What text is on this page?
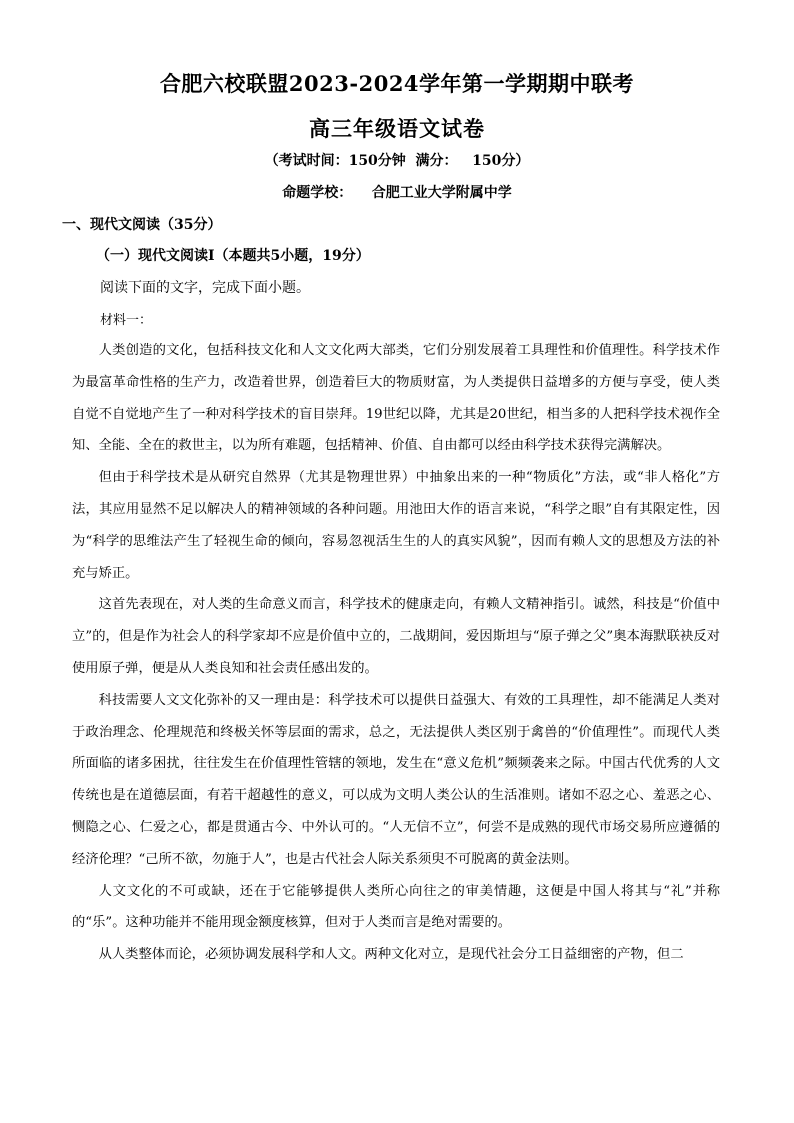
合肥六校联盟2023-2024学年第一学期期中联考
高三年级语文试卷
（考试时间：150分钟  满分：   150分）
命题学校：    合肥工业大学附属中学
一、现代文阅读（35分）
（一）现代文阅读Ⅰ（本题共5小题，19分）
阅读下面的文字，完成下面小题。
材料一：

人类创造的文化，包括科技文化和人文文化两大部类，它们分别发展着工具理性和价值理性。科学技术作为最富革命性格的生产力，改造着世界，创造着巨大的物质财富，为人类提供日益增多的方便与享受，使人类自觉不自觉地产生了一种对科学技术的盲目崇拜。19世纪以降，尤其是20世纪，相当多的人把科学技术视作全知、全能、全在的救世主，以为所有难题，包括精神、价值、自由都可以经由科学技术获得完满解决。

但由于科学技术是从研究自然界（尤其是物理世界）中抽象出来的一种“物质化”方法，或“非人格化”方法，其应用显然不足以解决人的精神领域的各种问题。用池田大作的语言来说，“科学之眼”自有其限定性，因为“科学的思维法产生了轻视生命的倾向，容易忽视活生生的人的真实风貌”，因而有赖人文的思想及方法的补充与矫正。

这首先表现在，对人类的生命意义而言，科学技术的健康走向，有赖人文精神指引。诚然，科技是“价值中立”的，但是作为社会人的科学家却不应是价值中立的，二战期间，爱因斯坦与“原子弹之父”奥本海默联袂反对使用原子弹，便是从人类良知和社会责任感出发的。

科技需要人文文化弥补的又一理由是：科学技术可以提供日益强大、有效的工具理性，却不能满足人类对于政治理念、伦理规范和终极关怀等层面的需求，总之，无法提供人类区别于禽兽的“价值理性”。而现代人类所面临的诸多困扰，往往发生在价值理性管辖的领地，发生在“意义危机”频频袭来之际。中国古代优秀的人文传统也是在道德层面，有若干超越性的意义，可以成为文明人类公认的生活准则。诸如不忍之心、羞恶之心、恻隐之心、仁爱之心，都是贯通古今、中外认可的。“人无信不立”，何尝不是成熟的现代市场交易所应遵循的经济伦理？“己所不欲，勿施于人”，也是古代社会人际关系须臾不可脱离的黄金法则。

人文文化的不可或缺，还在于它能够提供人类所心向往之的审美情趣，这便是中国人将其与“礼”并称的“乐”。这种功能并不能用现金额度核算，但对于人类而言是绝对需要的。

从人类整体而论，必须协调发展科学和人文。两种文化对立，是现代社会分工日益细密的产物，但二
